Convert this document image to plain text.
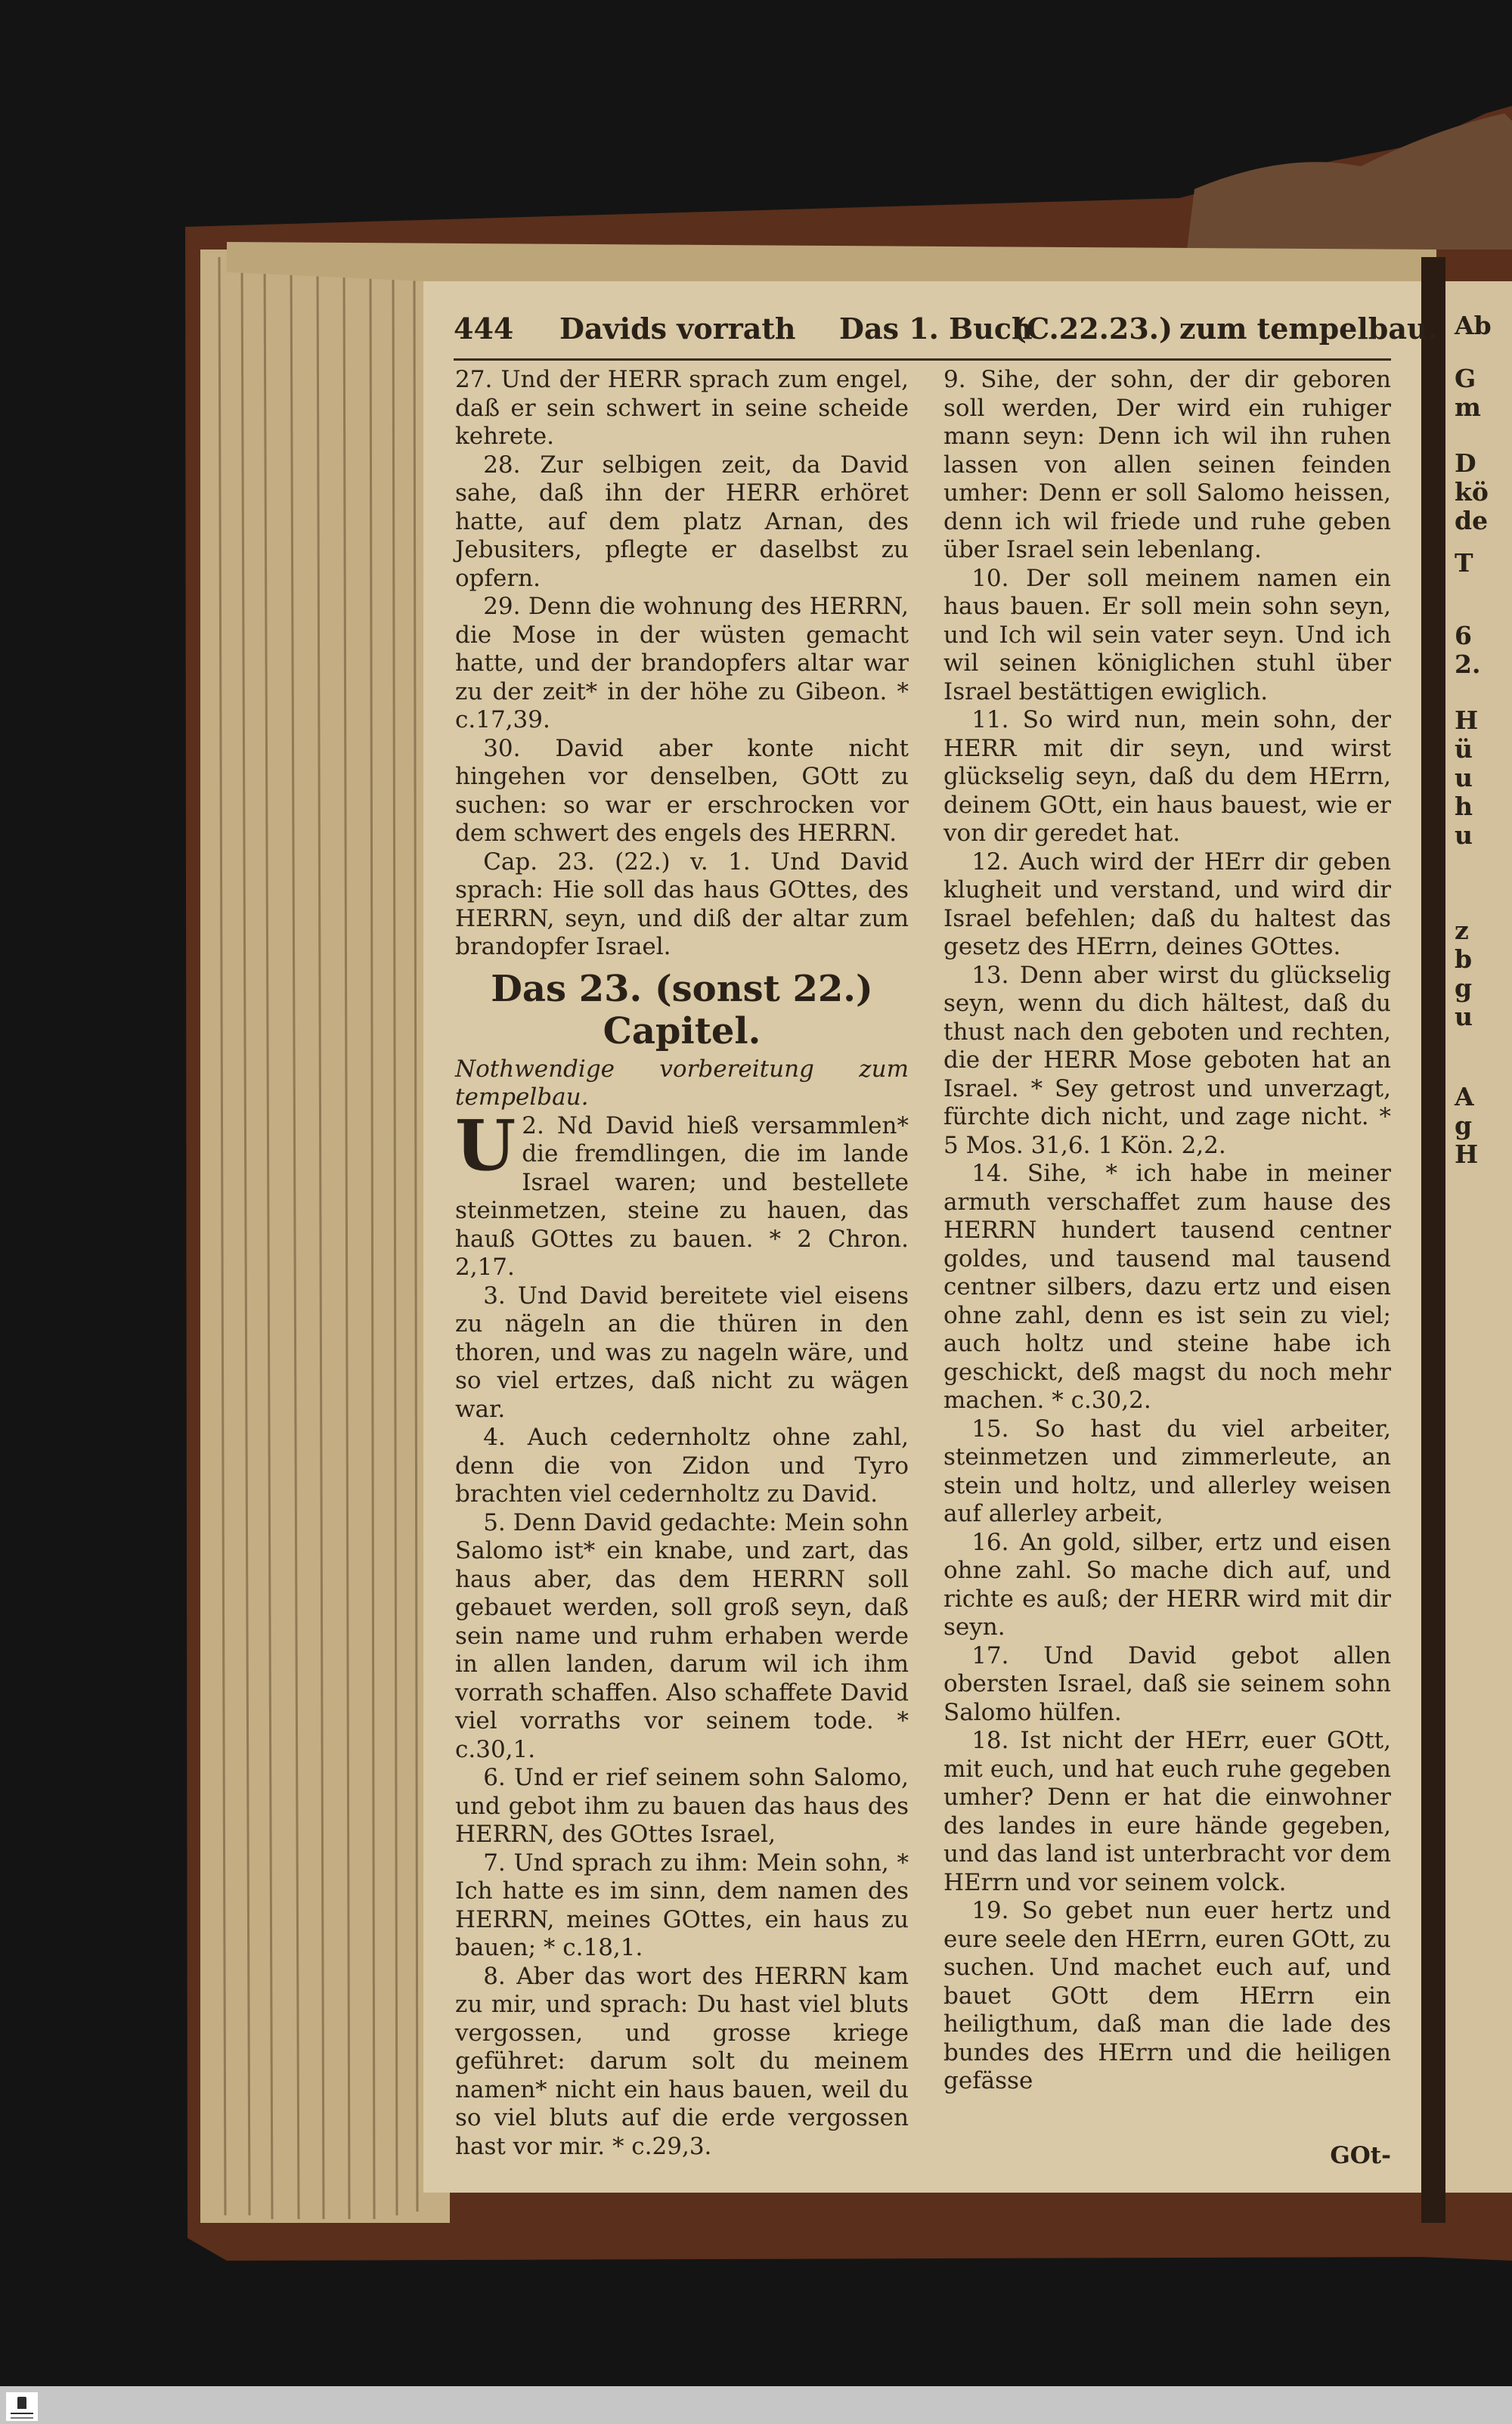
444 Davids vorrath Das 1. Buch
(C.22.23.) zum tempelbau.

27. Und der HERR sprach zum engel, daß er sein schwert in seine scheide kehrete.

28. Zur selbigen zeit, da David sahe, daß ihn der HERR erhöret hatte, auf dem platz Arnan, des Jebusiters, pflegte er daselbst zu opfern.

29. Denn die wohnung des HERRN, die Mose in der wüsten gemacht hatte, und der brandopfers altar war zu der zeit* in der höhe zu Gibeon. * c.17,39.

30. David aber konte nicht hingehen vor denselben, GOtt zu suchen: so war er erschrocken vor dem schwert des engels des HERRN.

Cap. 23. (22.) v. 1. Und David sprach: Hie soll das haus GOttes, des HERRN, seyn, und diß der altar zum brandopfer Israel.

Das 23. (sonst 22.) Capitel.

Nothwendige vorbereitung zum tempelbau.

U 2. Nd David hieß versammlen* die fremdlingen, die im lande Israel waren; und bestellete steinmetzen, steine zu hauen, das hauß GOttes zu bauen. * 2 Chron. 2,17.

3. Und David bereitete viel eisens zu nägeln an die thüren in den thoren, und was zu nageln wäre, und so viel ertzes, daß nicht zu wägen war.

4. Auch cedernholtz ohne zahl, denn die von Zidon und Tyro brachten viel cedernholtz zu David.

5. Denn David gedachte: Mein sohn Salomo ist* ein knabe, und zart, das haus aber, das dem HERRN soll gebauet werden, soll groß seyn, daß sein name und ruhm erhaben werde in allen landen, darum wil ich ihm vorrath schaffen. Also schaffete David viel vorraths vor seinem tode. * c.30,1.

6. Und er rief seinem sohn Salomo, und gebot ihm zu bauen das haus des HERRN, des GOttes Israel,

7. Und sprach zu ihm: Mein sohn, * Ich hatte es im sinn, dem namen des HERRN, meines GOttes, ein haus zu bauen; * c.18,1.

8. Aber das wort des HERRN kam zu mir, und sprach: Du hast viel bluts vergossen, und grosse kriege geführet: darum solt du meinem namen* nicht ein haus bauen, weil du so viel bluts auf die erde vergossen hast vor mir. * c.29,3.

9. Sihe, der sohn, der dir geboren soll werden, Der wird ein ruhiger mann seyn: Denn ich wil ihn ruhen lassen von allen seinen feinden umher: Denn er soll Salomo heissen, denn ich wil friede und ruhe geben über Israel sein lebenlang.

10. Der soll meinem namen ein haus bauen. Er soll mein sohn seyn, und Ich wil sein vater seyn. Und ich wil seinen königlichen stuhl über Israel bestättigen ewiglich.

11. So wird nun, mein sohn, der HERR mit dir seyn, und wirst glückselig seyn, daß du dem HErrn, deinem GOtt, ein haus bauest, wie er von dir geredet hat.

12. Auch wird der HErr dir geben klugheit und verstand, und wird dir Israel befehlen; daß du haltest das gesetz des HErrn, deines GOttes.

13. Denn aber wirst du glückselig seyn, wenn du dich hältest, daß du thust nach den geboten und rechten, die der HERR Mose geboten hat an Israel. * Sey getrost und unverzagt, fürchte dich nicht, und zage nicht. * 5 Mos. 31,6. 1 Kön. 2,2.

14. Sihe, * ich habe in meiner armuth verschaffet zum hause des HERRN hundert tausend centner goldes, und tausend mal tausend centner silbers, dazu ertz und eisen ohne zahl, denn es ist sein zu viel; auch holtz und steine habe ich geschickt, deß magst du noch mehr machen. * c.30,2.

15. So hast du viel arbeiter, steinmetzen und zimmerleute, an stein und holtz, und allerley weisen auf allerley arbeit,

16. An gold, silber, ertz und eisen ohne zahl. So mache dich auf, und richte es auß; der HERR wird mit dir seyn.

17. Und David gebot allen obersten Israel, daß sie seinem sohn Salomo hülfen.

18. Ist nicht der HErr, euer GOtt, mit euch, und hat euch ruhe gegeben umher? Denn er hat die einwohner des landes in eure hände gegeben, und das land ist unterbracht vor dem HErrn und vor seinem volck.

19. So gebet nun euer hertz und eure seele den HErrn, euren GOtt, zu suchen. Und machet euch auf, und bauet GOtt dem HErrn ein heiligthum, daß man die lade des bundes des HErrn und die heiligen gefässe

GOt-
Ab
G
m
D
kö
de
T
6
2.
H
ü
u
h
u
z
b
g
u
A
g
H
